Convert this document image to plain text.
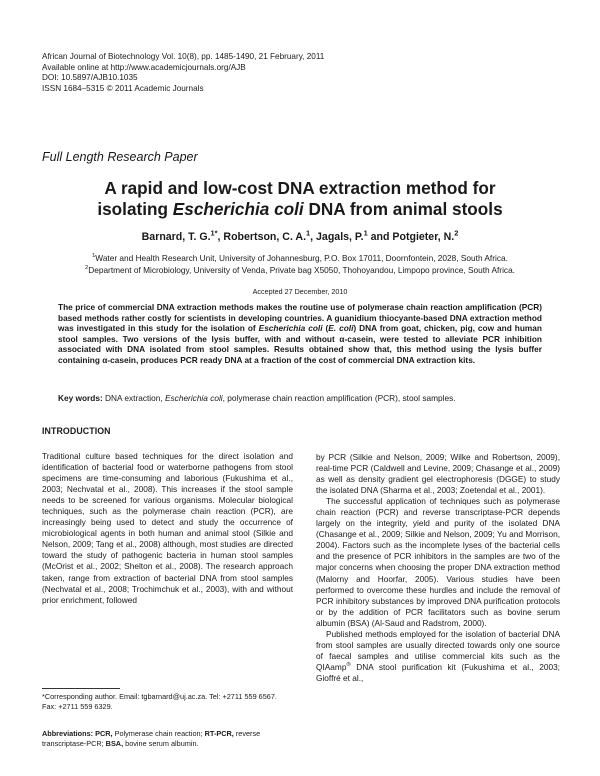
African Journal of Biotechnology Vol. 10(8), pp. 1485-1490, 21 February, 2011
Available online at http://www.academicjournals.org/AJB
DOI: 10.5897/AJB10.1035
ISSN 1684–5315 © 2011 Academic Journals
Full Length Research Paper
A rapid and low-cost DNA extraction method for
isolating Escherichia coli DNA from animal stools
Barnard, T. G.$^{1*}$, Robertson, C. A.$^1$, Jagals, P.$^1$ and Potgieter, N.$^2$
$^1$Water and Health Research Unit, University of Johannesburg, P.O. Box 17011, Doornfontein, 2028, South Africa.
$^2$Department of Microbiology, University of Venda, Private bag X5050, Thohoyandou, Limpopo province, South Africa.
Accepted 27 December, 2010
The price of commercial DNA extraction methods makes the routine use of polymerase chain reaction amplification (PCR) based methods rather costly for scientists in developing countries. A guanidium thiocyante-based DNA extraction method was investigated in this study for the isolation of Escherichia coli (E. coli) DNA from goat, chicken, pig, cow and human stool samples. Two versions of the lysis buffer, with and without α-casein, were tested to alleviate PCR inhibition associated with DNA isolated from stool samples. Results obtained show that, this method using the lysis buffer containing α-casein, produces PCR ready DNA at a fraction of the cost of commercial DNA extraction kits.
Key words: DNA extraction, Escherichia coli, polymerase chain reaction amplification (PCR), stool samples.
INTRODUCTION

Traditional culture based techniques for the direct isolation and identification of bacterial food or waterborne pathogens from stool specimens are time-consuming and laborious (Fukushima et al., 2003; Nechvatal et al., 2008). This increases if the stool sample needs to be screened for various organisms. Molecular biological techniques, such as the polymerase chain reaction (PCR), are increasingly being used to detect and study the occurrence of microbiological agents in both human and animal stool (Silkie and Nelson, 2009; Tang et al., 2008) although, most studies are directed toward the study of pathogenic bacteria in human stool samples (McOrist et al., 2002; Shelton et al., 2008). The research approach taken, range from extraction of bacterial DNA from stool samples (Nechvatal et al., 2008; Trochimchuk et al., 2003), with and without prior enrichment, followed

by PCR (Silkie and Nelson, 2009; Wilke and Robertson, 2009), real-time PCR (Caldwell and Levine, 2009; Chasange et al., 2009) as well as density gradient gel electrophoresis (DGGE) to study the isolated DNA (Sharma et al., 2003; Zoetendal et al., 2001).

The successful application of techniques such as polymerase chain reaction (PCR) and reverse transcriptase-PCR depends largely on the integrity, yield and purity of the isolated DNA (Chasange et al., 2009; Silkie and Nelson, 2009; Yu and Morrison, 2004). Factors such as the incomplete lyses of the bacterial cells and the presence of PCR inhibitors in the samples are two of the major concerns when choosing the proper DNA extraction method (Malorny and Hoorfar, 2005). Various studies have been performed to overcome these hurdles and include the removal of PCR inhibitory substances by improved DNA purification protocols or by the addition of PCR facilitators such as bovine serum albumin (BSA) (Al-Saud and Radstrom, 2000).

Published methods employed for the isolation of bacterial DNA from stool samples are usually directed towards only one source of faecal samples and utilise commercial kits such as the QIAamp® DNA stool purification kit (Fukushima et al., 2003; Gioffré et al.,

*Corresponding author. Email: tgbarnard@uj.ac.za. Tel: +2711 559 6567. Fax: +2711 559 6329.
Abbreviations: PCR, Polymerase chain reaction; RT-PCR, reverse transcriptase-PCR; BSA, bovine serum albumin.
